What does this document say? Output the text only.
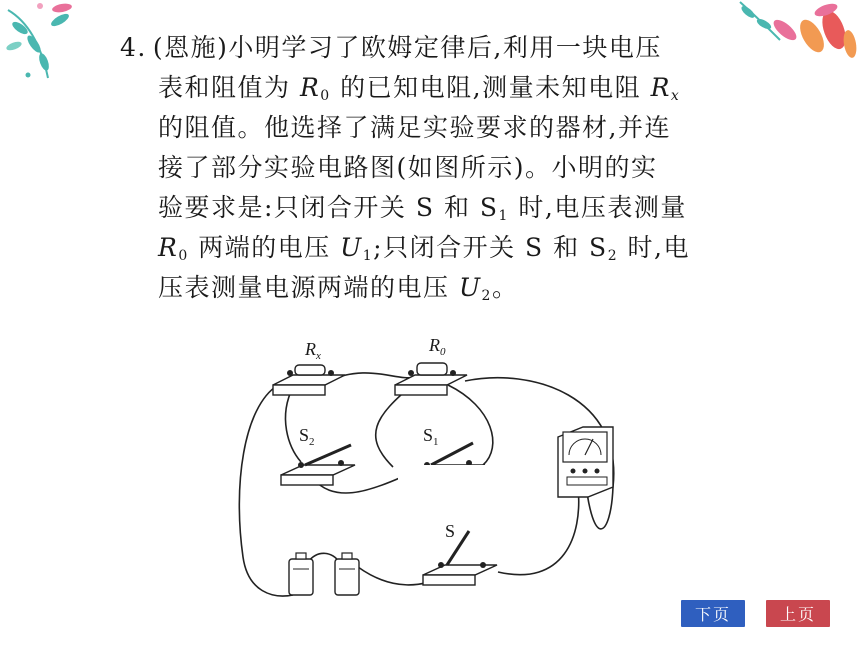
4. (恩施)小明学习了欧姆定律后,利用一块电压
表和阻值为 $R_0$ 的已知电阻,测量未知电阻 Rx
的阻值。他选择了满足实验要求的器材,并连
接了部分实验电路图(如图所示)。小明的实
验要求是:只闭合开关 S 和 $S_1$ 时,电压表测量
$R_0$ 两端的电压 $U_1$;只闭合开关 S 和 $S_2$ 时,电
压表测量电源两端的电压 $U_2$。
$R_x$
$R_0$
$S_2$	$S_1$
S
下页	上页
